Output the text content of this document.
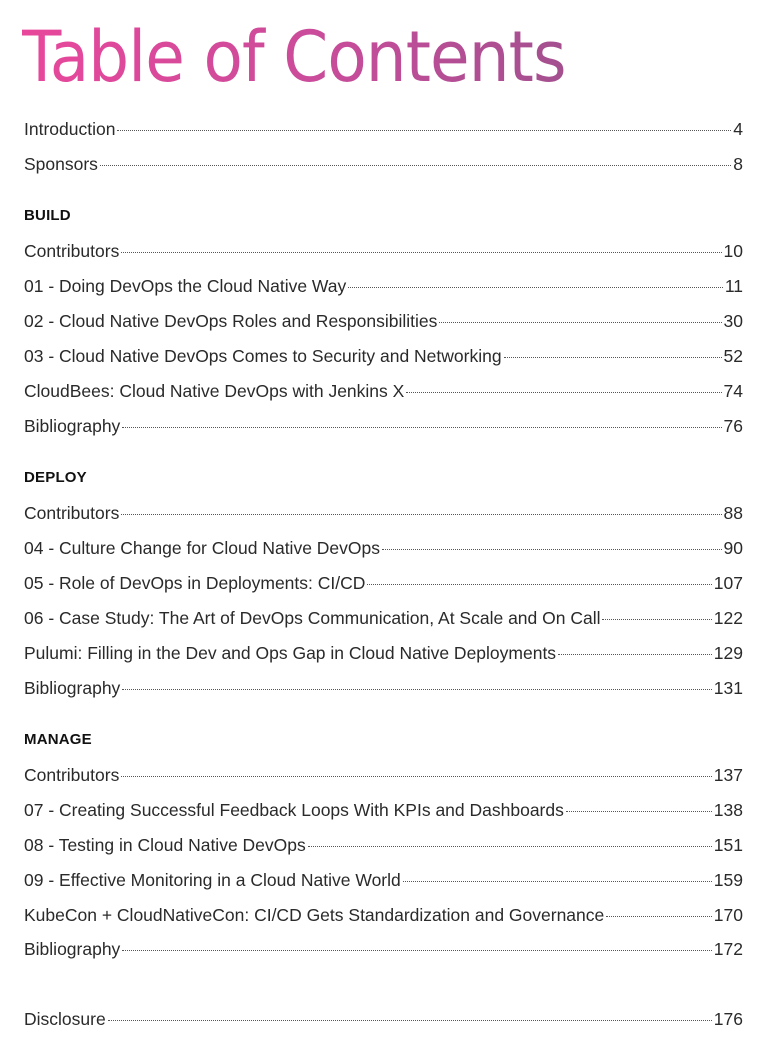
Table of Contents
Introduction	4
Sponsors	8
BUILD
Contributors	10
01 - Doing DevOps the Cloud Native Way	11
02 - Cloud Native DevOps Roles and Responsibilities	30
03 - Cloud Native DevOps Comes to Security and Networking	52
CloudBees: Cloud Native DevOps with Jenkins X	74
Bibliography	76
DEPLOY
Contributors	88
04 - Culture Change for Cloud Native DevOps	90
05 - Role of DevOps in Deployments: CI/CD	107
06 - Case Study: The Art of DevOps Communication, At Scale and On Call	122
Pulumi: Filling in the Dev and Ops Gap in Cloud Native Deployments	129
Bibliography	131
MANAGE
Contributors	137
07 - Creating Successful Feedback Loops With KPIs and Dashboards	138
08 - Testing in Cloud Native DevOps	151
09 - Effective Monitoring in a Cloud Native World	159
KubeCon + CloudNativeCon: CI/CD Gets Standardization and Governance	170
Bibliography	172
Disclosure	176
